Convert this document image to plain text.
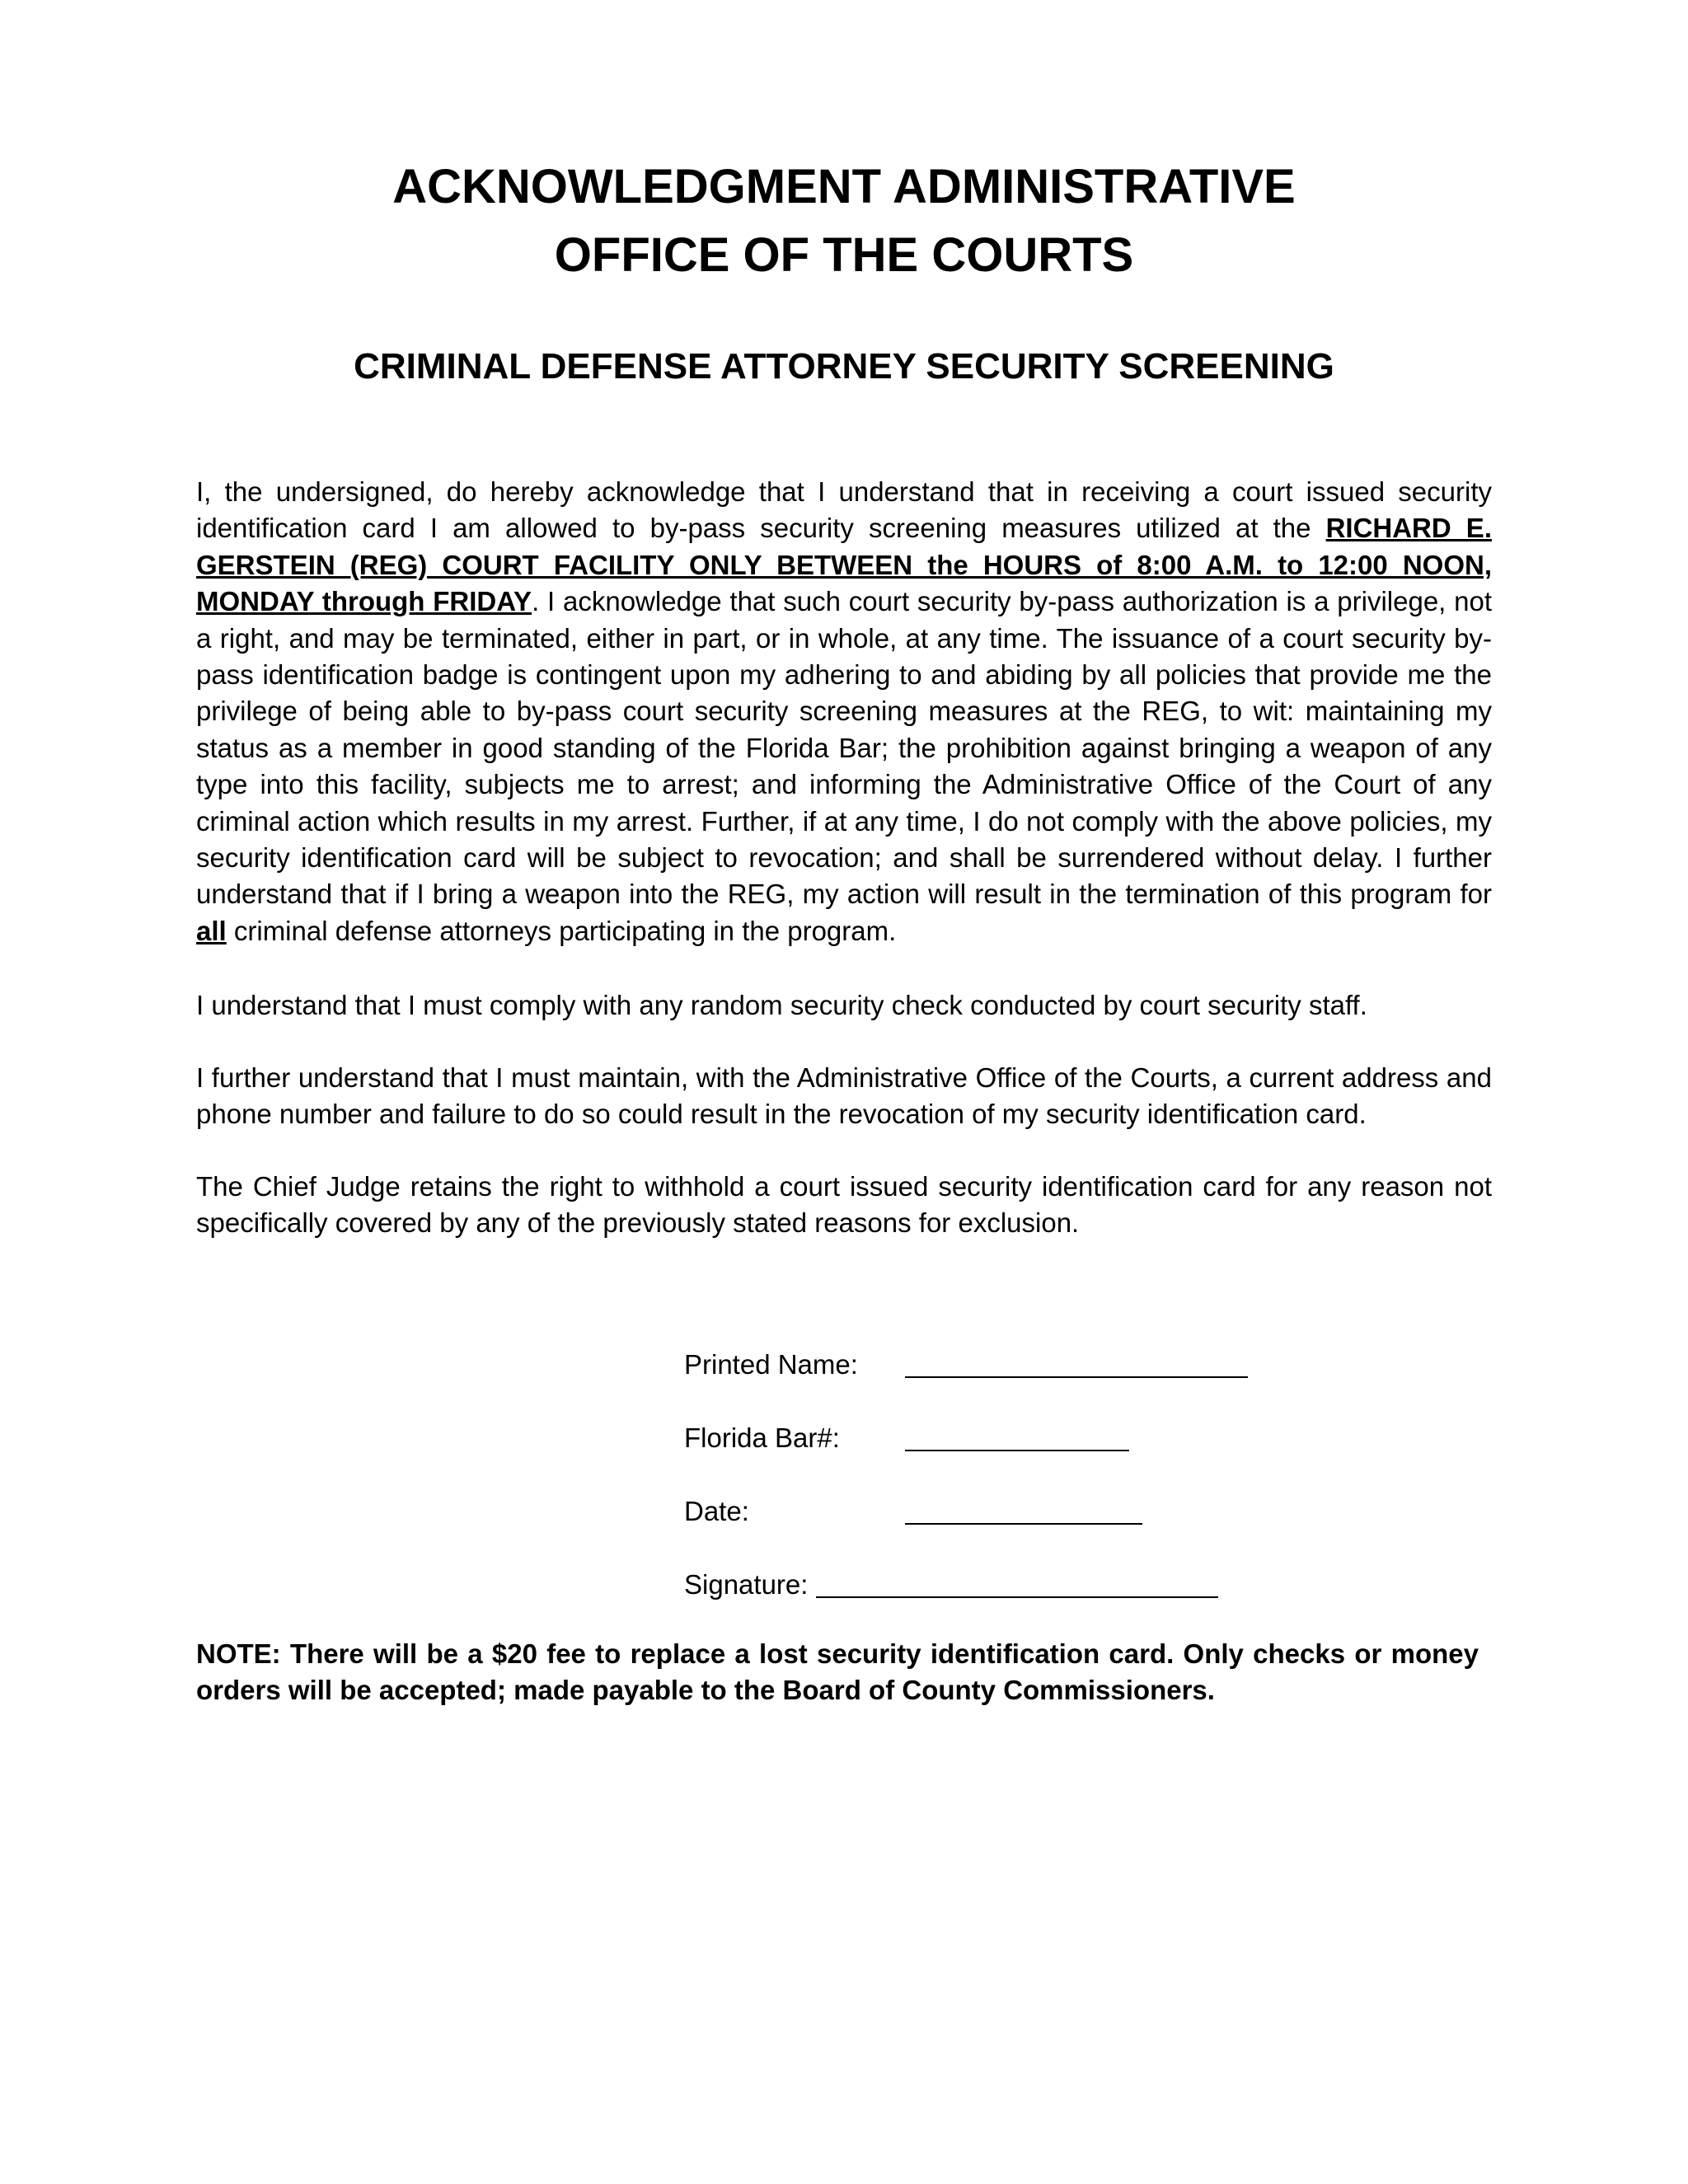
ACKNOWLEDGMENT ADMINISTRATIVE
OFFICE OF THE COURTS
CRIMINAL DEFENSE ATTORNEY SECURITY SCREENING
I, the undersigned, do hereby acknowledge that I understand that in receiving a court issued security identification card I am allowed to by-pass security screening measures utilized at the RICHARD E. GERSTEIN (REG) COURT FACILITY ONLY BETWEEN the HOURS of 8:00 A.M. to 12:00 NOON, MONDAY through FRIDAY. I acknowledge that such court security by-pass authorization is a privilege, not a right, and may be terminated, either in part, or in whole, at any time. The issuance of a court security by-pass identification badge is contingent upon my adhering to and abiding by all policies that provide me the privilege of being able to by-pass court security screening measures at the REG, to wit: maintaining my status as a member in good standing of the Florida Bar; the prohibition against bringing a weapon of any type into this facility, subjects me to arrest; and informing the Administrative Office of the Court of any criminal action which results in my arrest. Further, if at any time, I do not comply with the above policies, my security identification card will be subject to revocation; and shall be surrendered without delay. I further understand that if I bring a weapon into the REG, my action will result in the termination of this program for all criminal defense attorneys participating in the program.
I understand that I must comply with any random security check conducted by court security staff.
I further understand that I must maintain, with the Administrative Office of the Courts, a current address and phone number and failure to do so could result in the revocation of my security identification card.
The Chief Judge retains the right to withhold a court issued security identification card for any reason not specifically covered by any of the previously stated reasons for exclusion.
Printed Name:
Florida Bar#:
Date:
Signature:
NOTE: There will be a $20 fee to replace a lost security identification card. Only checks or money orders will be accepted; made payable to the Board of County Commissioners.
